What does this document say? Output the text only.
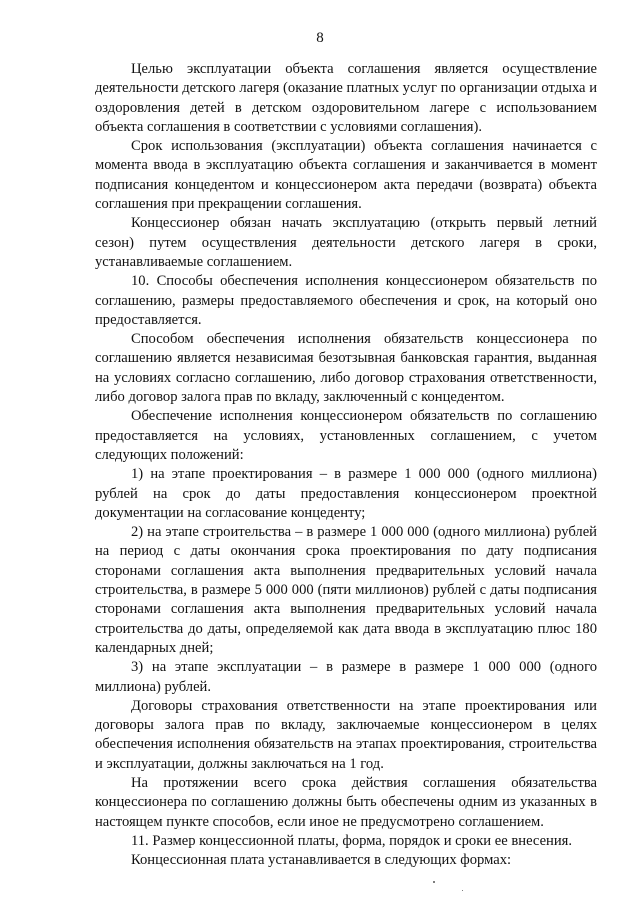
8

Целью эксплуатации объекта соглашения является осуществление деятельности детского лагеря (оказание платных услуг по организации отдыха и оздоровления детей в детском оздоровительном лагере с использованием объекта соглашения в соответствии с условиями соглашения).

Срок использования (эксплуатации) объекта соглашения начинается с момента ввода в эксплуатацию объекта соглашения и заканчивается в момент подписания концедентом и концессионером акта передачи (возврата) объекта соглашения при прекращении соглашения.

Концессионер обязан начать эксплуатацию (открыть первый летний сезон) путем осуществления деятельности детского лагеря в сроки, устанавливаемые соглашением.

10. Способы обеспечения исполнения концессионером обязательств по соглашению, размеры предоставляемого обеспечения и срок, на который оно предоставляется.

Способом обеспечения исполнения обязательств концессионера по соглашению является независимая безотзывная банковская гарантия, выданная на условиях согласно соглашению, либо договор страхования ответственности, либо договор залога прав по вкладу, заключенный с концедентом.

Обеспечение исполнения концессионером обязательств по соглашению предоставляется на условиях, установленных соглашением, с учетом следующих положений:

1) на этапе проектирования – в размере 1 000 000 (одного миллиона) рублей на срок до даты предоставления концессионером проектной документации на согласование концеденту;

2) на этапе строительства – в размере 1 000 000 (одного миллиона) рублей на период с даты окончания срока проектирования по дату подписания сторонами соглашения акта выполнения предварительных условий начала строительства, в размере 5 000 000 (пяти миллионов) рублей с даты подписания сторонами соглашения акта выполнения предварительных условий начала строительства до даты, определяемой как дата ввода в эксплуатацию плюс 180 календарных дней;

3) на этапе эксплуатации – в размере в размере 1 000 000 (одного миллиона) рублей.

Договоры страхования ответственности на этапе проектирования или договоры залога прав по вкладу, заключаемые концессионером в целях обеспечения исполнения обязательств на этапах проектирования, строительства и эксплуатации, должны заключаться на 1 год.

На протяжении всего срока действия соглашения обязательства концессионера по соглашению должны быть обеспечены одним из указанных в настоящем пункте способов, если иное не предусмотрено соглашением.

11. Размер концессионной платы, форма, порядок и сроки ее внесения.

Концессионная плата устанавливается в следующих формах:
